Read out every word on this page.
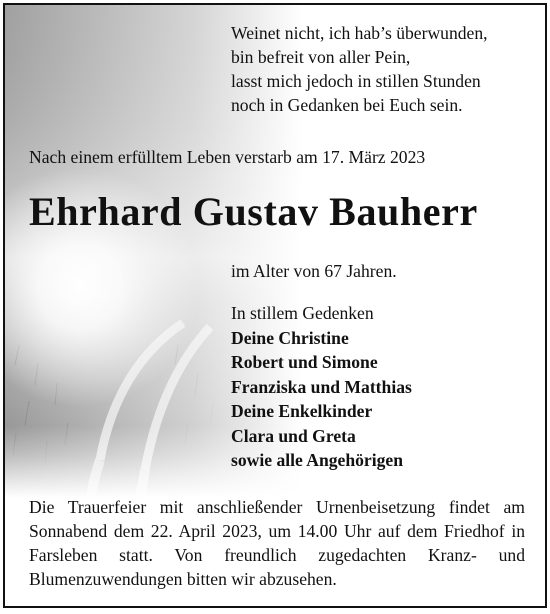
Weinet nicht, ich hab’s überwunden,
bin befreit von aller Pein,
lasst mich jedoch in stillen Stunden
noch in Gedanken bei Euch sein.
Nach einem erfülltem Leben verstarb am 17. März 2023
Ehrhard Gustav Bauherr
im Alter von 67 Jahren.
In stillem Gedenken
Deine Christine
Robert und Simone
Franziska und Matthias
Deine Enkelkinder
Clara und Greta
sowie alle Angehörigen

Die Trauerfeier mit anschließender Urnenbeisetzung findet am Sonnabend dem 22. April 2023, um 14.00 Uhr auf dem Friedhof in Farsleben statt. Von freundlich zugedachten Kranz- und Blumenzuwendungen bitten wir abzusehen.
